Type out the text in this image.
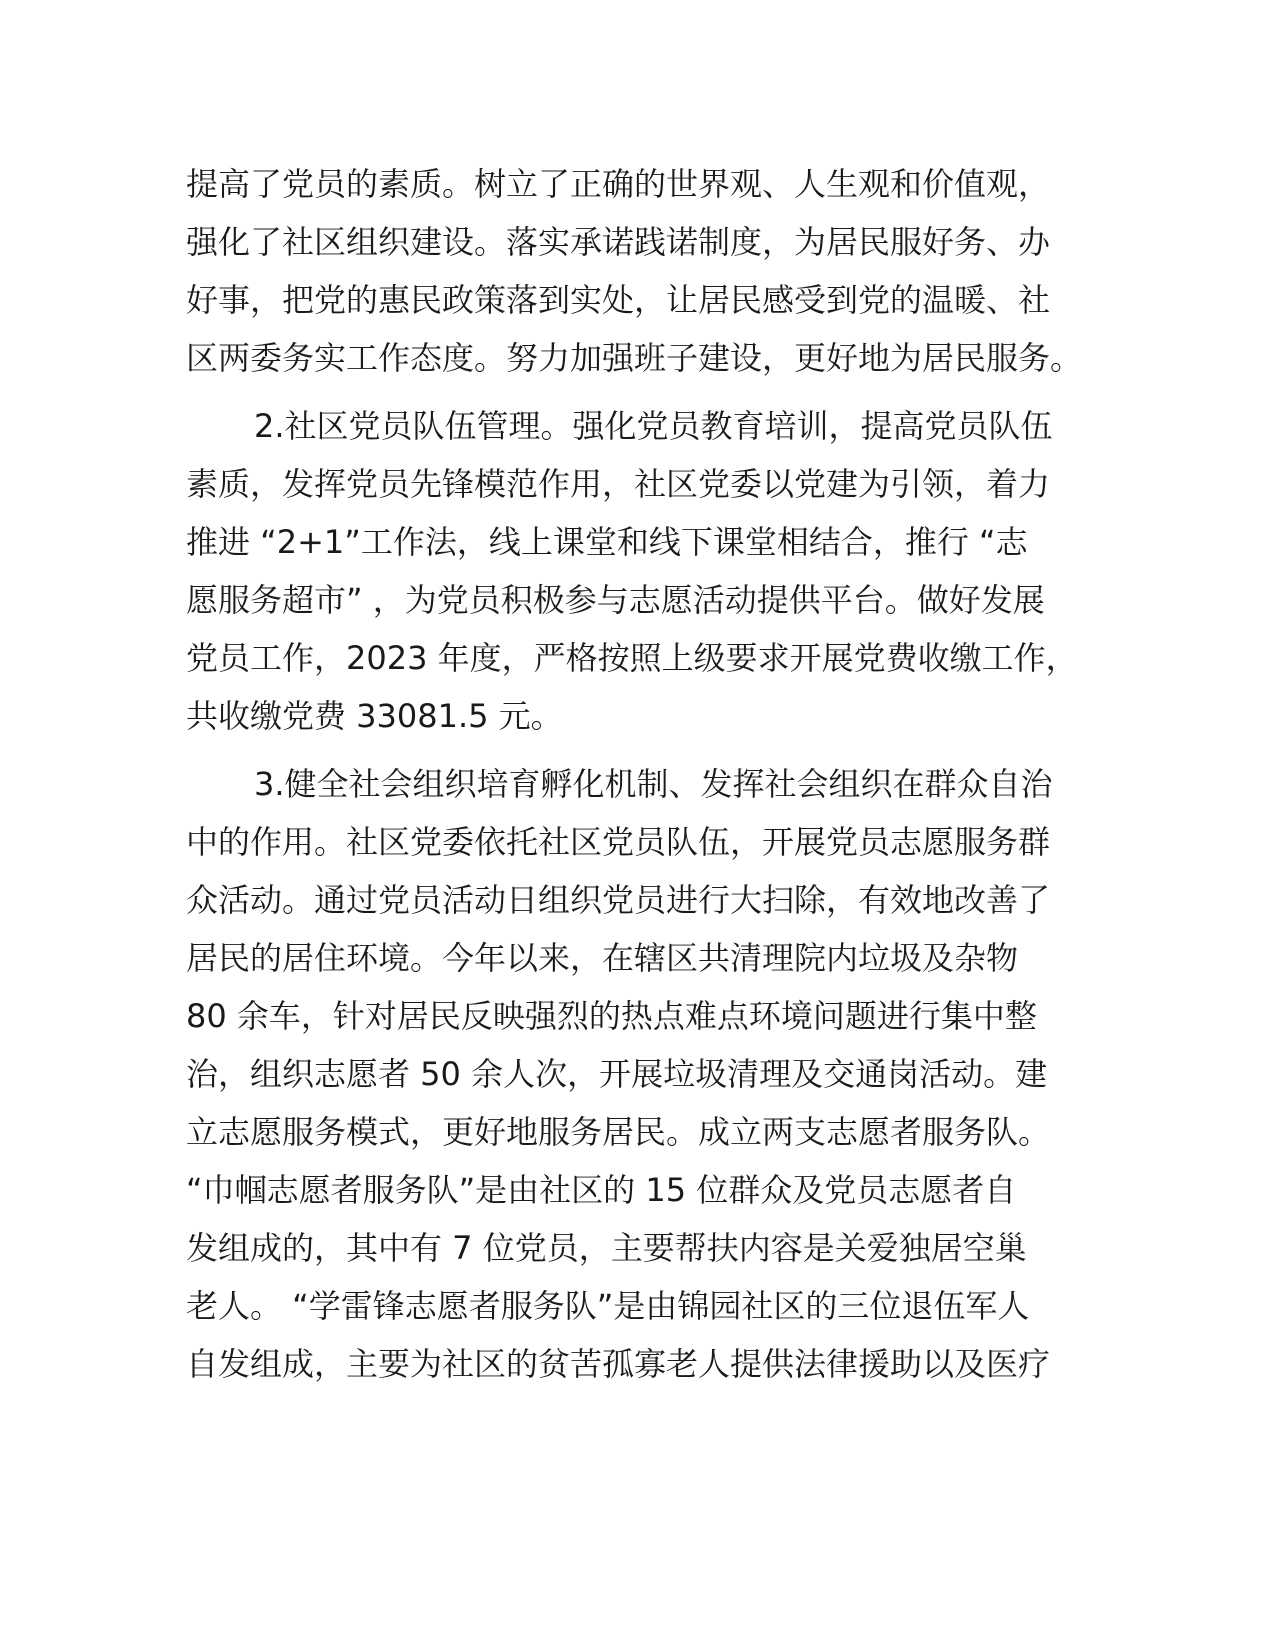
提高了党员的素质。树立了正确的世界观、人生观和价值观，
强化了社区组织建设。落实承诺践诺制度，为居民服好务、办
好事，把党的惠民政策落到实处，让居民感受到党的温暖、社
区两委务实工作态度。努力加强班子建设，更好地为居民服务。
2.社区党员队伍管理。强化党员教育培训，提高党员队伍
素质，发挥党员先锋模范作用，社区党委以党建为引领，着力
推进 “2+1”工作法，线上课堂和线下课堂相结合，推行 “志
愿服务超市” ，为党员积极参与志愿活动提供平台。做好发展
党员工作，2023 年度，严格按照上级要求开展党费收缴工作，
共收缴党费 33081.5 元。
3.健全社会组织培育孵化机制、发挥社会组织在群众自治
中的作用。社区党委依托社区党员队伍，开展党员志愿服务群
众活动。通过党员活动日组织党员进行大扫除，有效地改善了
居民的居住环境。今年以来，在辖区共清理院内垃圾及杂物
80 余车，针对居民反映强烈的热点难点环境问题进行集中整
治，组织志愿者 50 余人次，开展垃圾清理及交通岗活动。建
立志愿服务模式，更好地服务居民。成立两支志愿者服务队。
“巾帼志愿者服务队”是由社区的 15 位群众及党员志愿者自
发组成的，其中有 7 位党员，主要帮扶内容是关爱独居空巢
老人。 “学雷锋志愿者服务队”是由锦园社区的三位退伍军人
自发组成，主要为社区的贫苦孤寡老人提供法律援助以及医疗
